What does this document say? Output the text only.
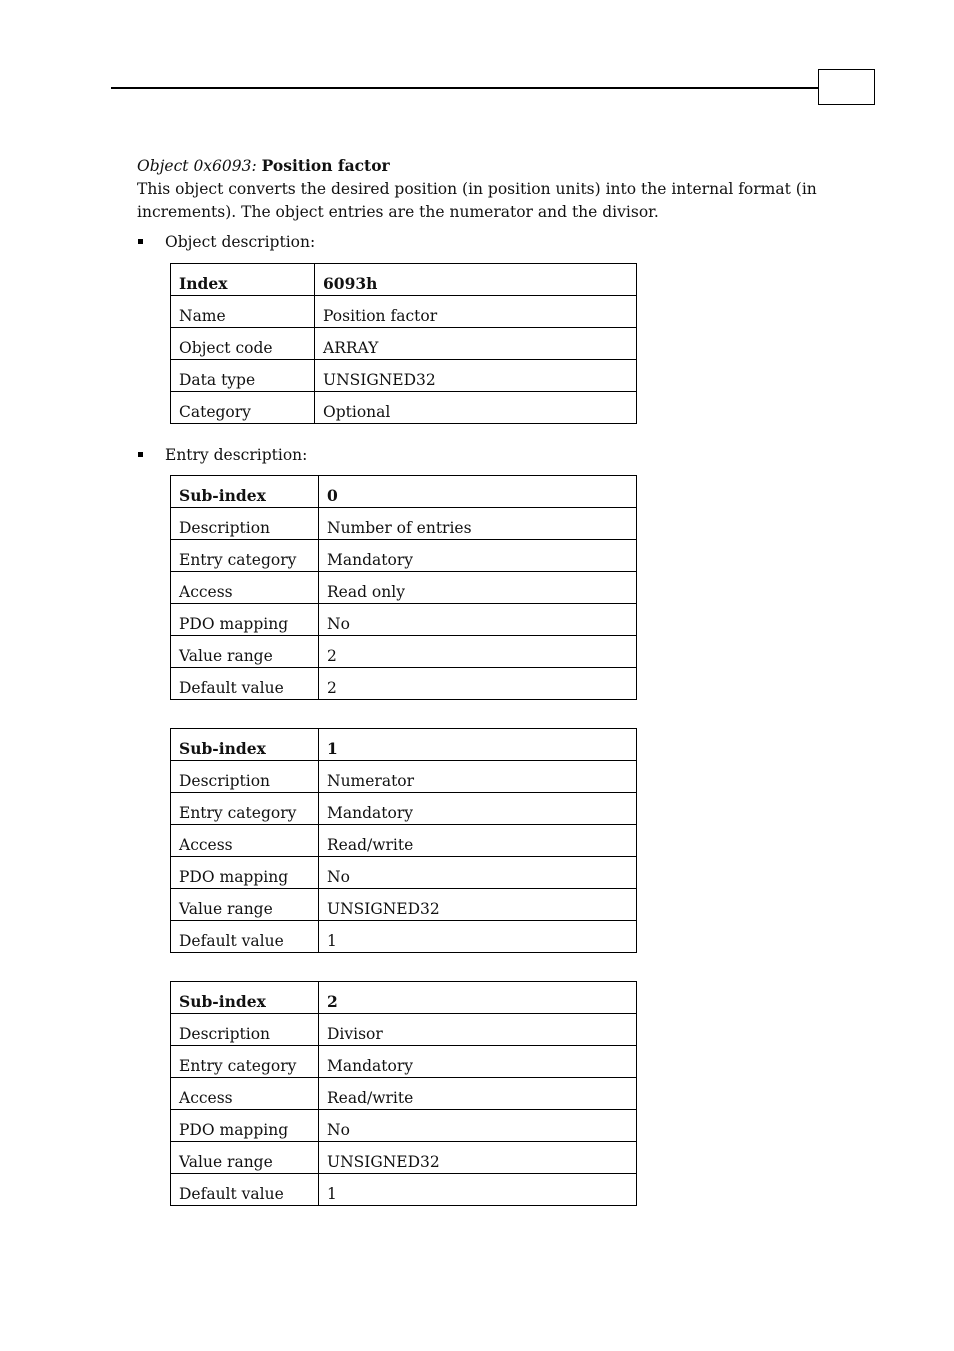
Object 0x6093: Position factor

This object converts the desired position (in position units) into the internal format (in increments). The object entries are the numerator and the divisor.

Object description:

Index	6093h
Name	Position factor
Object code	ARRAY
Data type	UNSIGNED32
Category	Optional

Entry description:

Sub-index	0
Description	Number of entries
Entry category	Mandatory
Access	Read only
PDO mapping	No
Value range	2
Default value	2
Sub-index	1
Description	Numerator
Entry category	Mandatory
Access	Read/write
PDO mapping	No
Value range	UNSIGNED32
Default value	1
Sub-index	2
Description	Divisor
Entry category	Mandatory
Access	Read/write
PDO mapping	No
Value range	UNSIGNED32
Default value	1
